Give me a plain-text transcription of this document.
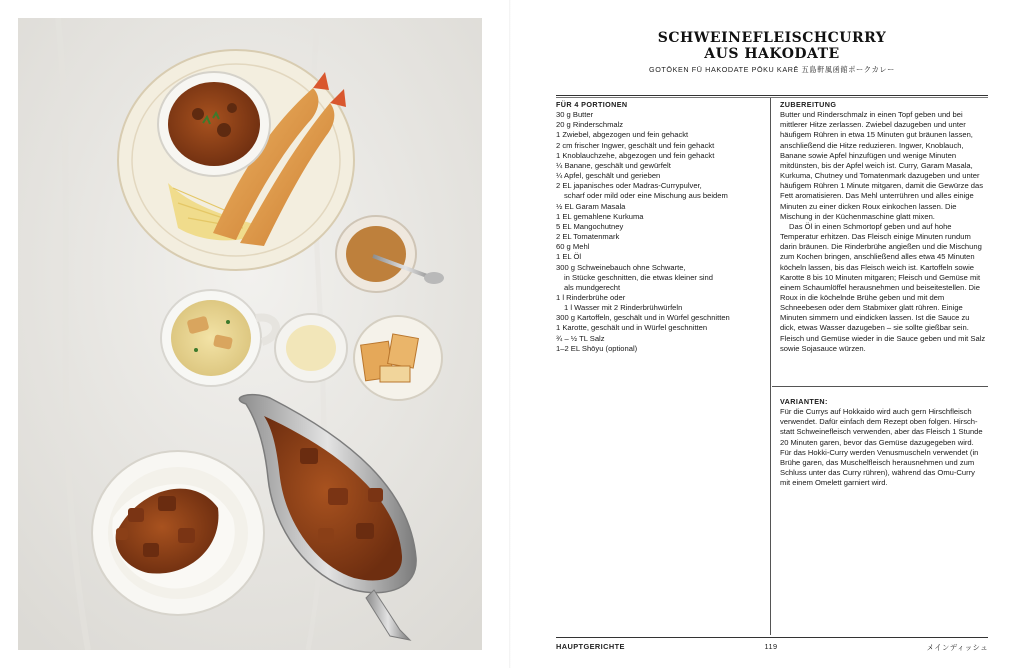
SCHWEINEFLEISCHCURRY
AUS HAKODATE
GOTŌKEN FŪ HAKODATE PŌKU KARĒ 五島軒風函館ポークカレー
FÜR 4 PORTIONEN
30 g Butter
20 g Rinderschmalz
1 Zwiebel, abgezogen und fein gehackt
2 cm frischer Ingwer, geschält und fein gehackt
1 Knoblauchzehe, abgezogen und fein gehackt
¼ Banane, geschält und gewürfelt
¼ Apfel, geschält und gerieben
2 EL japanisches oder Madras-Currypulver,
scharf oder mild oder eine Mischung aus beidem
½ EL Garam Masala
1 EL gemahlene Kurkuma
5 EL Mangochutney
2 EL Tomatenmark
60 g Mehl
1 EL Öl
300 g Schweinebauch ohne Schwarte,
in Stücke geschnitten, die etwas kleiner sind
als mundgerecht
1 l Rinderbrühe oder
1 l Wasser mit 2 Rinderbrühwürfeln
300 g Kartoffeln, geschält und in Würfel geschnitten
1 Karotte, geschält und in Würfel geschnitten
¾ – ½ TL Salz
1–2 EL Shōyu (optional)
ZUBEREITUNG

Butter und Rinderschmalz in einen Topf geben und bei mittlerer Hitze zerlassen. Zwiebel dazugeben und unter häufigem Rühren in etwa 15 Minuten gut bräunen lassen, anschließend die Hitze reduzieren. Ingwer, Knoblauch, Banane sowie Apfel hinzufügen und wenige Minuten mitdünsten, bis der Apfel weich ist. Curry, Garam Masala, Kurkuma, Chutney und Tomatenmark dazugeben und unter häufigem Rühren 1 Minute mitgaren, damit die Gewürze das Fett aromatisieren. Das Mehl unterrühren und alles einige Minuten zu einer dicken Roux einkochen lassen. Die Mischung in der Küchenmaschine glatt mixen.

Das Öl in einen Schmortopf geben und auf hohe Temperatur erhitzen. Das Fleisch einige Minuten rundum darin bräunen. Die Rinderbrühe angießen und die Mischung zum Kochen bringen, anschließend alles etwa 45 Minuten köcheln lassen, bis das Fleisch weich ist. Kartoffeln sowie Karotte 8 bis 10 Minuten mitgaren; Fleisch und Gemüse mit einem Schaumlöffel herausnehmen und beiseitestellen. Die Roux in die köchelnde Brühe geben und mit dem Schneebesen oder dem Stabmixer glatt rühren. Einige Minuten simmern und eindicken lassen. Ist die Sauce zu dick, etwas Wasser dazugeben – sie sollte gießbar sein. Fleisch und Gemüse wieder in die Sauce geben und mit Salz sowie Sojasauce würzen.

VARIANTEN:

Für die Currys auf Hokkaido wird auch gern Hirschfleisch verwendet. Dafür einfach dem Rezept oben folgen. Hirsch- statt Schweinefleisch verwenden, aber das Fleisch 1 Stunde 20 Minuten garen, bevor das Gemüse dazugegeben wird. Für das Hokki-Curry werden Venusmuscheln verwendet (in Brühe garen, das Muschelfleisch herausnehmen und zum Schluss unter das Curry rühren), während das Omu-Curry mit einem Omelett garniert wird.

HAUPTGERICHTE	119	メインディッシュ
